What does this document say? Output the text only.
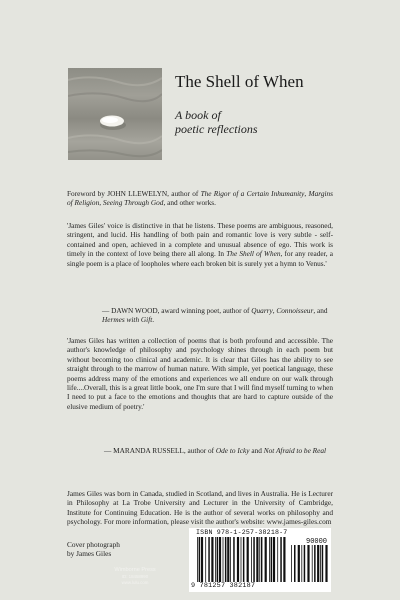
The Shell of When
A book of
poetic reflections
Foreword by JOHN LLEWELYN, author of The Rigor of a Certain Inhumanity, Margins of Religion, Seeing Through God, and other works.
'James Giles' voice is distinctive in that he listens. These poems are ambiguous, reasoned, stringent, and lucid. His handling of both pain and romantic love is very subtle - self-contained and open, achieved in a complete and unusual absence of ego. This work is timely in the context of love being there all along. In The Shell of When, for any reader, a single poem is a place of loopholes where each broken bit is surely yet a hymn to Venus.'
— DAWN WOOD, award winning poet, author of Quarry, Connoisseur, and Hermes with Gift.
'James Giles has written a collection of poems that is both profound and accessible. The author's knowledge of philosophy and psychology shines through in each poem but without becoming too clinical and academic. It is clear that Giles has the ability to see straight through to the marrow of human nature. With simple, yet poetical language, these poems address many of the emotions and experiences we all endure on our walk through life....Overall, this is a great little book, one I'm sure that I will find myself turning to when I need to put a face to the emotions and thoughts that are hard to capture outside of the elusive medium of poetry.'
— MARANDA RUSSELL, author of Ode to Icky and Not Afraid to be Real
James Giles was born in Canada, studied in Scotland, and lives in Australia. He is Lecturer in Philosophy at La Trobe University and Lecturer in the University of Cambridge, Institute for Continuing Education. He is the author of several works on philosophy and psychology. For more information, please visit the author's website: www.james-giles.com
Cover photograph
by James Giles
Wimborne Press
ID: 18458990
www.lulu.com
ISBN 978-1-257-38218-7
90000
9 781257 382187
